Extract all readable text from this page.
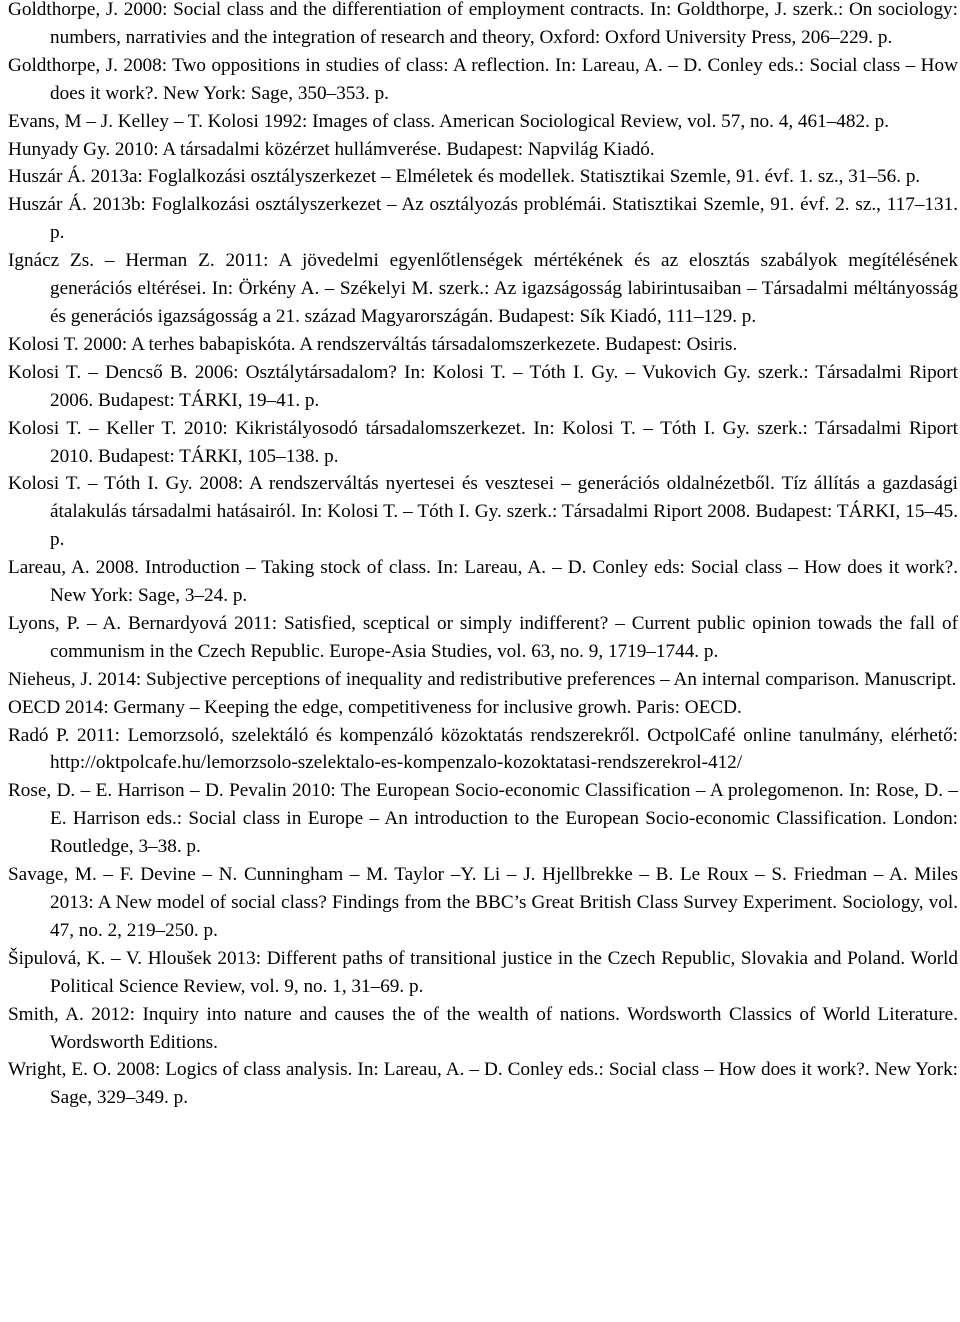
Goldthorpe, J. 2000: Social class and the differentiation of employment contracts. In: Goldthorpe, J. szerk.: On sociology: numbers, narrativies and the integration of research and theory, Oxford: Oxford University Press, 206–229. p.

Goldthorpe, J. 2008: Two oppositions in studies of class: A reflection. In: Lareau, A. – D. Conley eds.: Social class – How does it work?. New York: Sage, 350–353. p.

Evans, M – J. Kelley – T. Kolosi 1992: Images of class. American Sociological Review, vol. 57, no. 4, 461–482. p.

Hunyady Gy. 2010: A társadalmi közérzet hullámverése. Budapest: Napvilág Kiadó.

Huszár Á. 2013a: Foglalkozási osztályszerkezet – Elméletek és modellek. Statisztikai Szemle, 91. évf. 1. sz., 31–56. p.

Huszár Á. 2013b: Foglalkozási osztályszerkezet – Az osztályozás problémái. Statisztikai Szemle, 91. évf. 2. sz., 117–131. p.

Ignácz Zs. – Herman Z. 2011: A jövedelmi egyenlőtlenségek mértékének és az elosztás szabályok megítélésének generációs eltérései. In: Örkény A. – Székelyi M. szerk.: Az igazságosság labirintusaiban – Társadalmi méltányosság és generációs igazságosság a 21. század Magyarországán. Budapest: Sík Kiadó, 111–129. p.

Kolosi T. 2000: A terhes babapiskóta. A rendszerváltás társadalomszerkezete. Budapest: Osiris.

Kolosi T. – Dencső B. 2006: Osztálytársadalom? In: Kolosi T. – Tóth I. Gy. – Vukovich Gy. szerk.: Társadalmi Riport 2006. Budapest: TÁRKI, 19–41. p.

Kolosi T. – Keller T. 2010: Kikristályosodó társadalomszerkezet. In: Kolosi T. – Tóth I. Gy. szerk.: Társadalmi Riport 2010. Budapest: TÁRKI, 105–138. p.

Kolosi T. – Tóth I. Gy. 2008: A rendszerváltás nyertesei és vesztesei – generációs oldalnézetből. Tíz állítás a gazdasági átalakulás társadalmi hatásairól. In: Kolosi T. – Tóth I. Gy. szerk.: Társadalmi Riport 2008. Budapest: TÁRKI, 15–45. p.

Lareau, A. 2008. Introduction – Taking stock of class. In: Lareau, A. – D. Conley eds: Social class – How does it work?. New York: Sage, 3–24. p.

Lyons, P. – A. Bernardyová 2011: Satisfied, sceptical or simply indifferent? – Current public opinion towads the fall of communism in the Czech Republic. Europe-Asia Studies, vol. 63, no. 9, 1719–1744. p.

Nieheus, J. 2014: Subjective perceptions of inequality and redistributive preferences – An internal comparison. Manuscript.

OECD 2014: Germany – Keeping the edge, competitiveness for inclusive growh. Paris: OECD.

Radó P. 2011: Lemorzsoló, szelektáló és kompenzáló közoktatás rendszerekről. OctpolCafé online tanulmány, elérhető: http://oktpolcafe.hu/lemorzsolo-szelektalo-es-kompenzalo-​kozoktatasi-rendszerekrol-412/

Rose, D. – E. Harrison – D. Pevalin 2010: The European Socio-economic Classification – A prolegomenon. In: Rose, D. – E. Harrison eds.: Social class in Europe – An introduction to the European Socio-economic Classification. London: Routledge, 3–38. p.

Savage, M. – F. Devine – N. Cunningham – M. Taylor –Y. Li – J. Hjellbrekke – B. Le Roux – S. Friedman – A. Miles 2013: A New model of social class? Findings from the BBC’s Great British Class Survey Experiment. Sociology, vol. 47, no. 2, 219–250. p.

Šipulová, K. – V. Hloušek 2013: Different paths of transitional justice in the Czech Republic, Slovakia and Poland. World Political Science Review, vol. 9, no. 1, 31–69. p.

Smith, A. 2012: Inquiry into nature and causes the of the wealth of nations. Wordsworth Classics of World Literature. Wordsworth Editions.

Wright, E. O. 2008: Logics of class analysis. In: Lareau, A. – D. Conley eds.: Social class – How does it work?. New York: Sage, 329–349. p.
